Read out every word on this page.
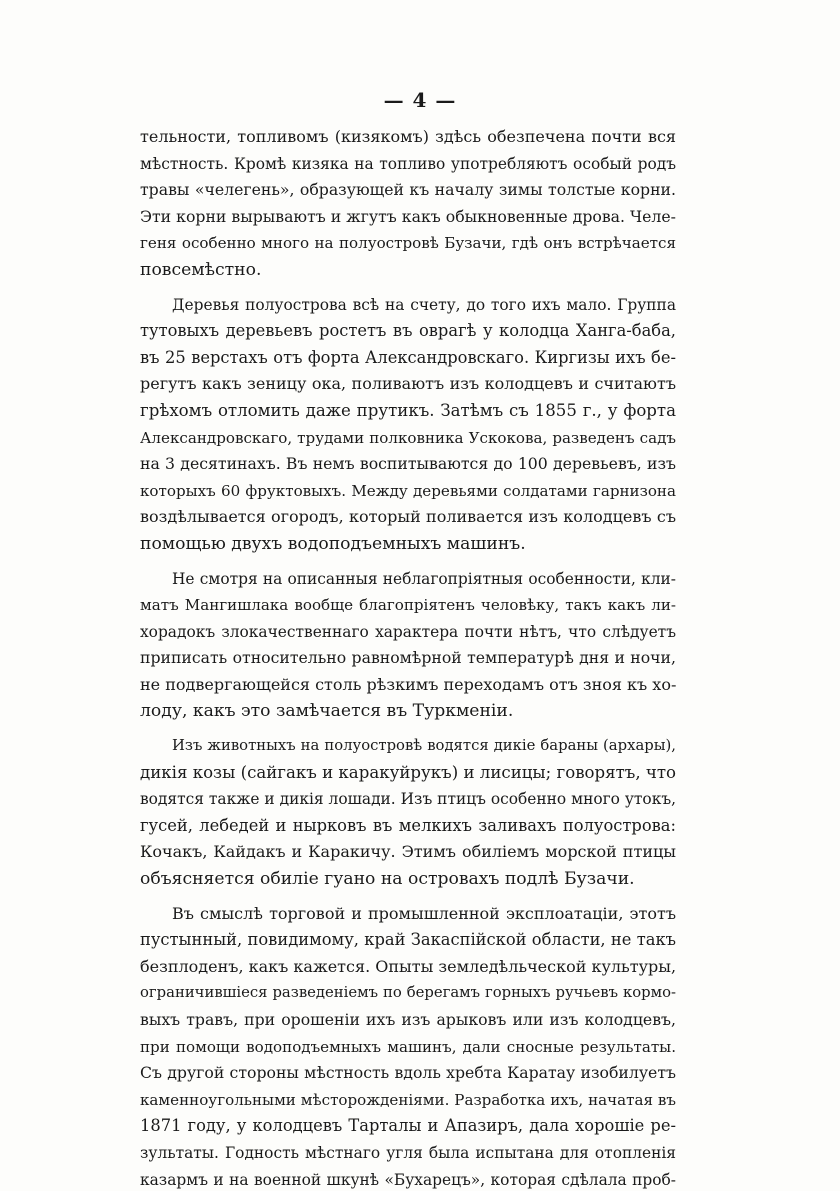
— 4 —
тельности, топливомъ (кизякомъ) здѣсь обезпечена почти вся
мѣстность. Кромѣ кизяка на топливо употребляютъ особый родъ
травы «челегень», образующей къ началу зимы толстые корни.
Эти корни вырываютъ и жгутъ какъ обыкновенные дрова. Челе-
геня особенно много на полуостровѣ Бузачи, гдѣ онъ встрѣчается
повсемѣстно.
Деревья полуострова всѣ на счету, до того ихъ мало. Группа
тутовыхъ деревьевъ ростетъ въ оврагѣ у колодца Ханга-баба,
въ 25 верстахъ отъ форта Александровскаго. Киргизы ихъ бе-
регутъ какъ зеницу ока, поливаютъ изъ колодцевъ и считаютъ
грѣхомъ отломить даже прутикъ. Затѣмъ съ 1855 г., у форта
Александровскаго, трудами полковника Ускокова, разведенъ садъ
на 3 десятинахъ. Въ немъ воспитываются до 100 деревьевъ, изъ
которыхъ 60 фруктовыхъ. Между деревьями солдатами гарнизона
воздѣлывается огородъ, который поливается изъ колодцевъ съ
помощью двухъ водоподъемныхъ машинъ.
Не смотря на описанныя неблагопріятныя особенности, кли-
матъ Мангишлака вообще благопріятенъ человѣку, такъ какъ ли-
хорадокъ злокачественнаго характера почти нѣтъ, что слѣдуетъ
приписать относительно равномѣрной температурѣ дня и ночи,
не подвергающейся столь рѣзкимъ переходамъ отъ зноя къ хо-
лоду, какъ это замѣчается въ Туркменіи.
Изъ животныхъ на полуостровѣ водятся дикіе бараны (архары),
дикія козы (сайгакъ и каракуйрукъ) и лисицы; говорятъ, что
водятся также и дикія лошади. Изъ птицъ особенно много утокъ,
гусей, лебедей и нырковъ въ мелкихъ заливахъ полуострова:
Кочакъ, Кайдакъ и Каракичу. Этимъ обиліемъ морской птицы
объясняется обиліе гуано на островахъ подлѣ Бузачи.
Въ смыслѣ торговой и промышленной эксплоатаціи, этотъ
пустынный, повидимому, край Закаспійской области, не такъ
безплоденъ, какъ кажется. Опыты земледѣльческой культуры,
ограничившіеся разведеніемъ по берегамъ горныхъ ручьевъ кормо-
выхъ травъ, при орошеніи ихъ изъ арыковъ или изъ колодцевъ,
при помощи водоподъемныхъ машинъ, дали сносные результаты.
Съ другой стороны мѣстность вдоль хребта Каратау изобилуетъ
каменноугольными мѣсторожденіями. Разработка ихъ, начатая въ
1871 году, у колодцевъ Тарталы и Апазиръ, дала хорошіе ре-
зультаты. Годность мѣстнаго угля была испытана для отопленія
казармъ и на военной шкунѣ «Бухарецъ», которая сдѣлала проб-
